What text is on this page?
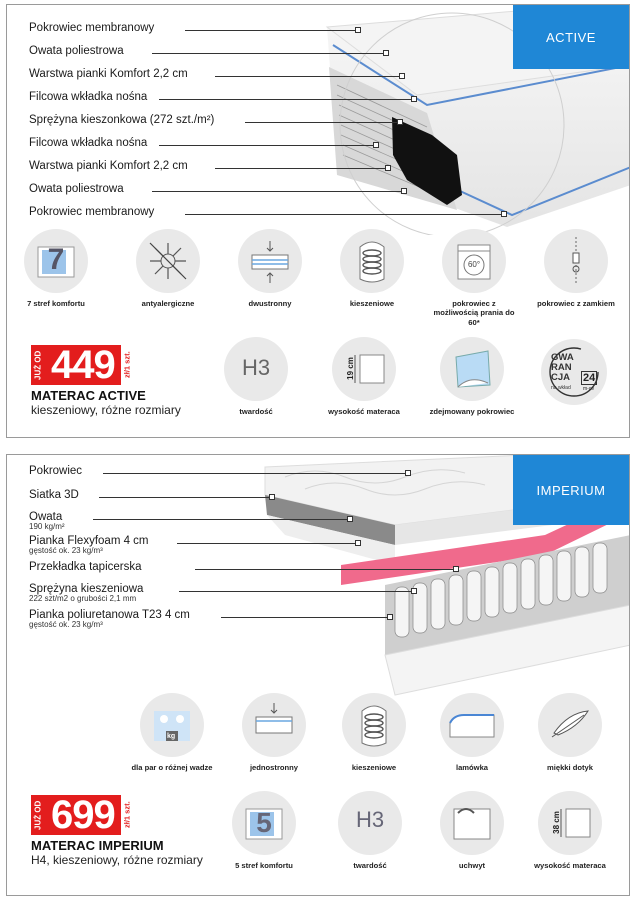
ACTIVE
Pokrowiec membranowy
Owata poliestrowa
Warstwa pianki Komfort 2,2 cm
Filcowa wkładka nośna
Sprężyna kieszonkowa (272 szt./m²)
Filcowa wkładka nośna
Warstwa pianki Komfort 2,2 cm
Owata poliestrowa
Pokrowiec membranowy
7
7 stref komfortu	antyalergiczne	dwustronny	kieszeniowe
60°
pokrowiec z możliwością prania do 60*
pokrowiec z zamkiem
JUŻ OD 449	zł/1 szt.
MATERAC ACTIVE
kieszeniowy, różne rozmiary
H3
twardość
19 cm
wysokość materaca	zdejmowany pokrowiec
GWA
RAN
CJA
na wkład
24
m-ce
IMPERIUM
Pokrowiec
Siatka 3D
Owata
190 kg/m²
Pianka Flexyfoam 4 cm
gęstość ok. 23 kg/m³
Przekładka tapicerska
Sprężyna kieszeniowa
222 szt/m2 o grubości 2,1 mm
Pianka poliuretanowa T23 4 cm
gęstość ok. 23 kg/m³
kg
dla par o różnej wadze	jednostronny	kieszeniowe	lamówka	miękki dotyk
5
5 stref komfortu
H3
twardość	uchwyt
38 cm
wysokość materaca
JUŻ OD 699	zł/1 szt.
MATERAC IMPERIUM
H4, kieszeniowy, różne rozmiary
